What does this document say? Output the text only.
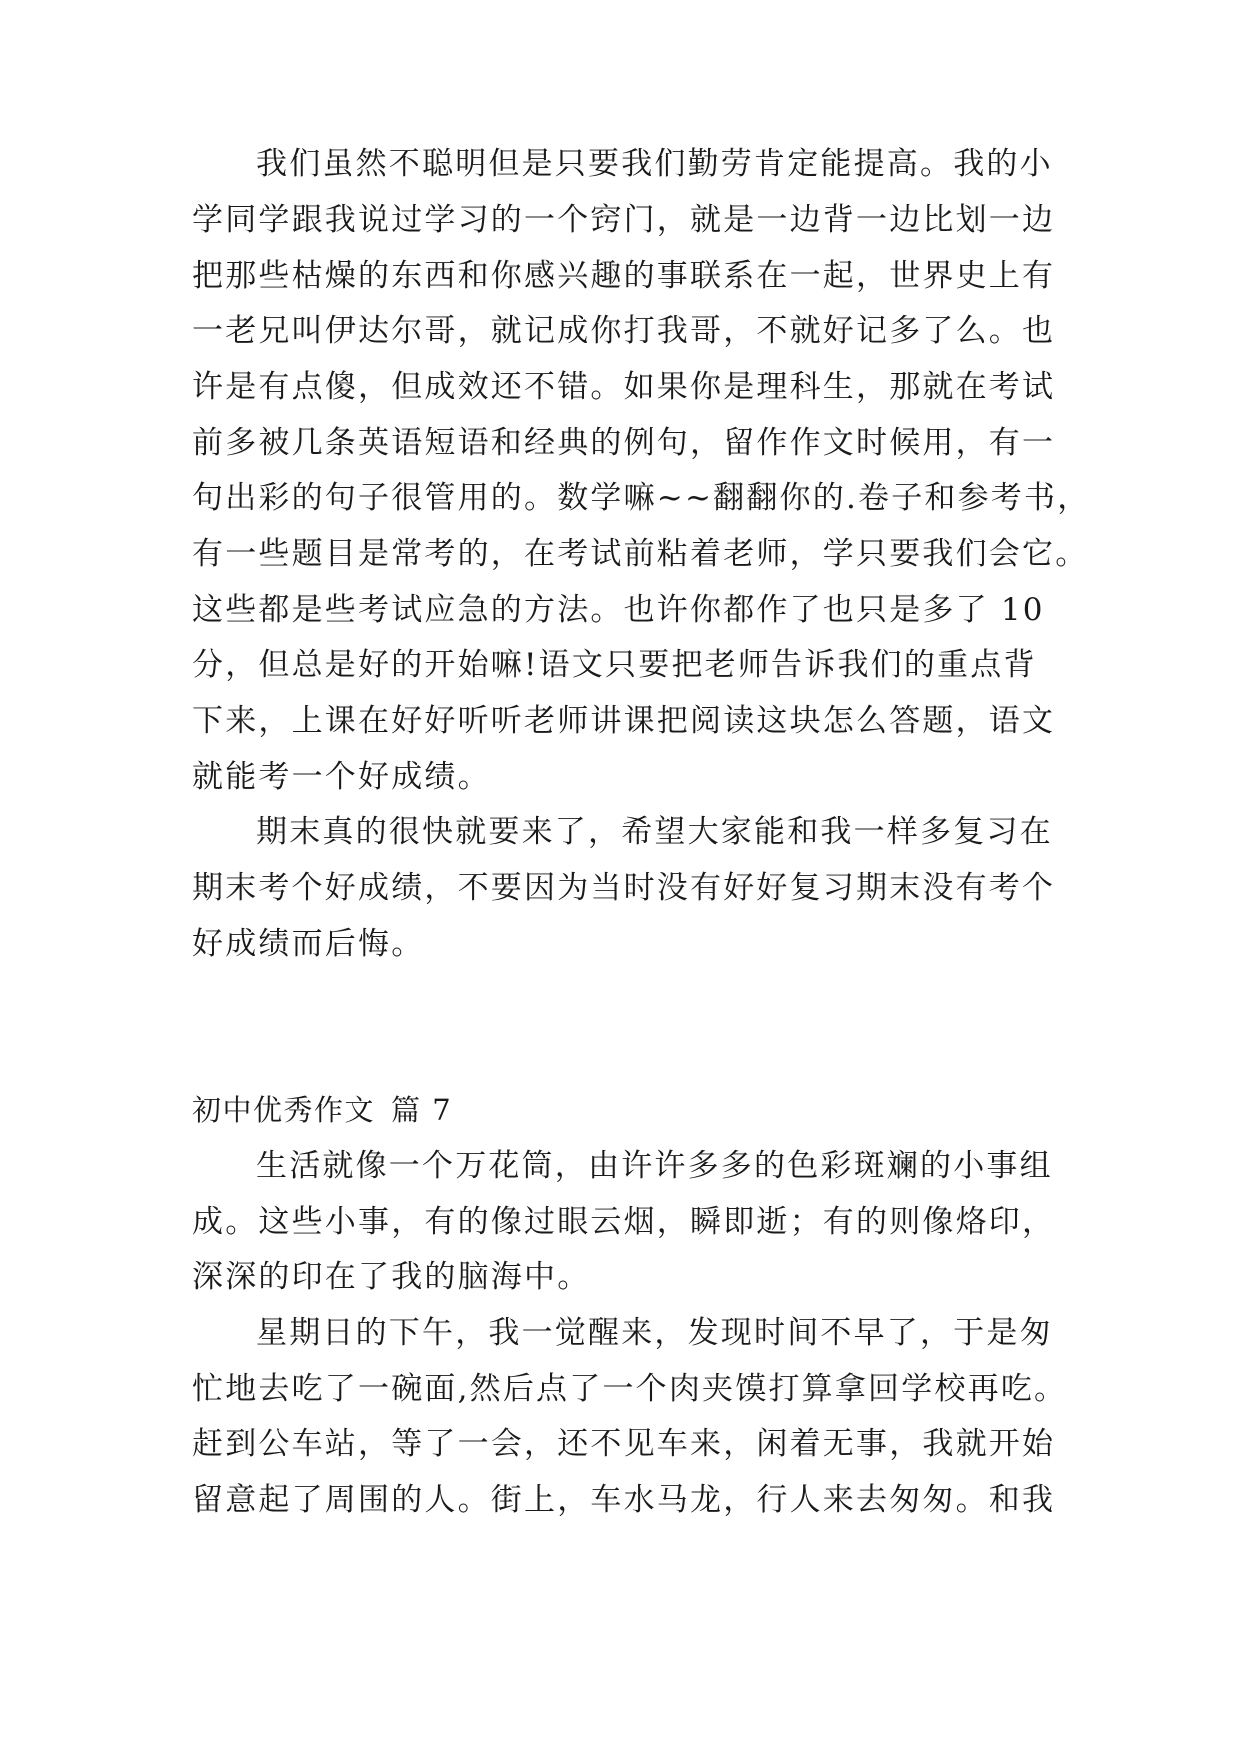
我们虽然不聪明但是只要我们勤劳肯定能提高。我的小
学同学跟我说过学习的一个窍门，就是一边背一边比划一边
把那些枯燥的东西和你感兴趣的事联系在一起，世界史上有
一老兄叫伊达尔哥，就记成你打我哥，不就好记多了么。也
许是有点傻，但成效还不错。如果你是理科生，那就在考试
前多被几条英语短语和经典的例句，留作作文时候用，有一
句出彩的句子很管用的。数学嘛~~翻翻你的.卷子和参考书，
有一些题目是常考的，在考试前粘着老师，学只要我们会它。
这些都是些考试应急的方法。也许你都作了也只是多了 10
分，但总是好的开始嘛!语文只要把老师告诉我们的重点背
下来，上课在好好听听老师讲课把阅读这块怎么答题，语文
就能考一个好成绩。
期末真的很快就要来了，希望大家能和我一样多复习在
期末考个好成绩，不要因为当时没有好好复习期末没有考个
好成绩而后悔。
初中优秀作文 篇 7
生活就像一个万花筒，由许许多多的色彩斑斓的小事组
成。这些小事，有的像过眼云烟，瞬即逝；有的则像烙印，
深深的印在了我的脑海中。
星期日的下午，我一觉醒来，发现时间不早了，于是匆
忙地去吃了一碗面,然后点了一个肉夹馍打算拿回学校再吃。
赶到公车站，等了一会，还不见车来，闲着无事，我就开始
留意起了周围的人。街上，车水马龙，行人来去匆匆。和我
